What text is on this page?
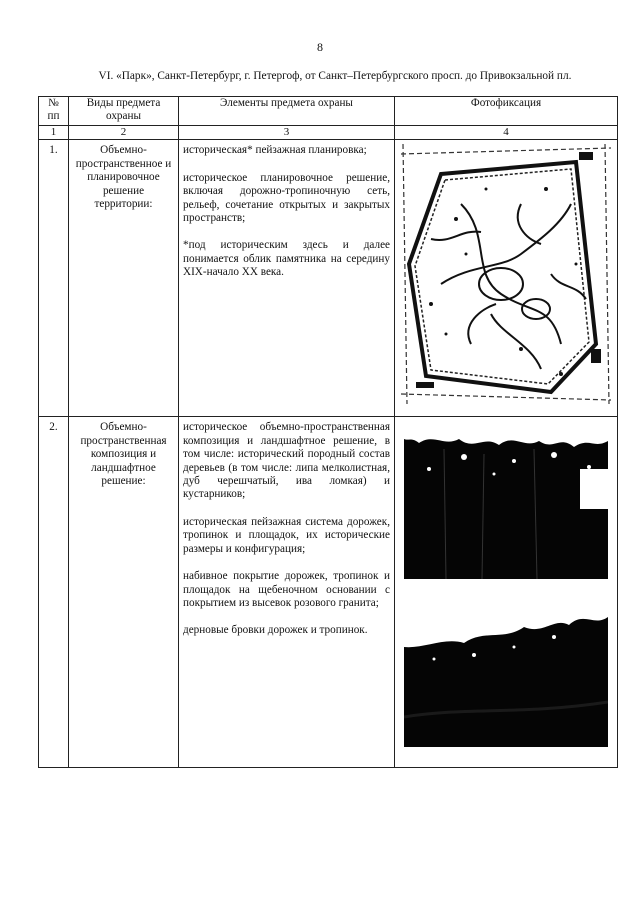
8
VI. «Парк», Санкт-Петербург, г. Петергоф, от Санкт–Петербургского просп. до Привокзальной пл.
№ пп	Виды предмета охраны	Элементы предмета охраны	Фотофиксация
1	2	3	4
1.	Объемно-пространственное и планировочное решение территории:	историческая* пейзажная планировка;

историческое планировочное решение, включая дорожно-тропиночную сеть, рельеф, сочетание открытых и закрытых пространств;

*под историческим здесь и далее понимается облик памятника на середину XIX-начало XX века.

2.	Объемно-пространственная композиция и ландшафтное решение:	историческое объемно-пространственная композиция и ландшафтное решение, в том числе: исторический породный состав деревьев (в том числе: липа мелколистная, дуб черешчатый, ива ломкая) и кустарников;

историческая пейзажная система дорожек, тропинок и площадок, их исторические размеры и конфигурация;

набивное покрытие дорожек, тропинок и площадок на щебеночном основании с покрытием из высевок розового гранита;

дерновые бровки дорожек и тропинок.
